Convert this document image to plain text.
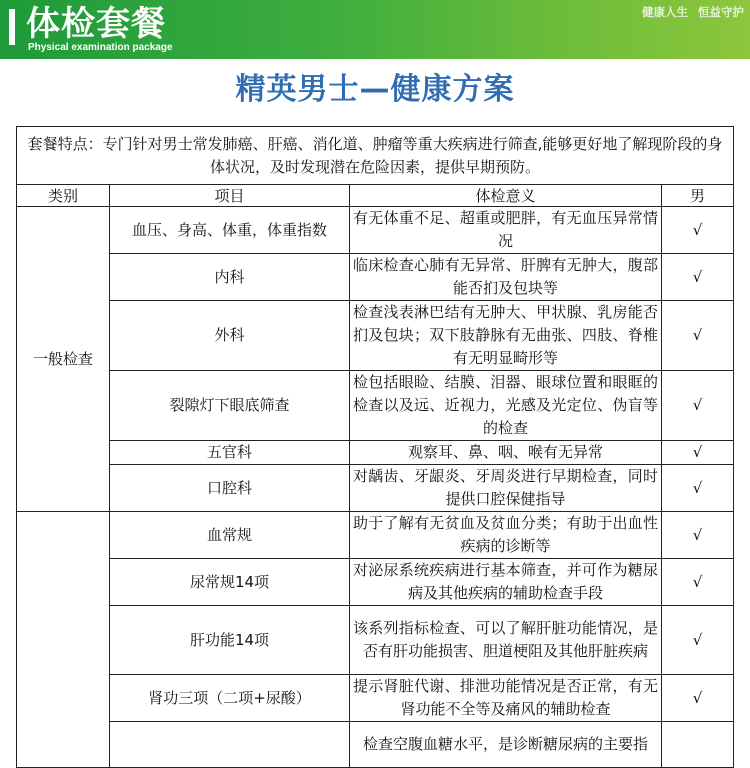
体检套餐
Physical examination package
健康人生 恒益守护
精英男士—健康方案
套餐特点：专门针对男士常发肺癌、肝癌、消化道、肿瘤等重大疾病进行筛查,能够更好地了解现阶段的身体状况，及时发现潜在危险因素，提供早期预防。			
类别	项目	体检意义	男
一般检查	血压、身高、体重，体重指数	有无体重不足、超重或肥胖，有无血压异常情况	√
	内科	临床检查心肺有无异常、肝脾有无肿大，腹部能否扪及包块等	√
	外科	检查浅表淋巴结有无肿大、甲状腺、乳房能否扪及包块；双下肢静脉有无曲张、四肢、脊椎有无明显畸形等	√
	裂隙灯下眼底筛查	检包括眼睑、结膜、泪器、眼球位置和眼眶的检查以及远、近视力，光感及光定位、伪盲等的检查	√
	五官科	观察耳、鼻、咽、喉有无异常	√
	口腔科	对龋齿、牙龈炎、牙周炎进行早期检查，同时提供口腔保健指导	√
	血常规	助于了解有无贫血及贫血分类；有助于出血性疾病的诊断等	√
	尿常规14项	对泌尿系统疾病进行基本筛查，并可作为糖尿病及其他疾病的辅助检查手段	√
	肝功能14项	该系列指标检查、可以了解肝脏功能情况，是否有肝功能损害、胆道梗阻及其他肝脏疾病	√
	肾功三项（二项+尿酸）	提示肾脏代谢、排泄功能情况是否正常，有无肾功能不全等及痛风的辅助检查	√
		检查空腹血糖水平，是诊断糖尿病的主要指	
